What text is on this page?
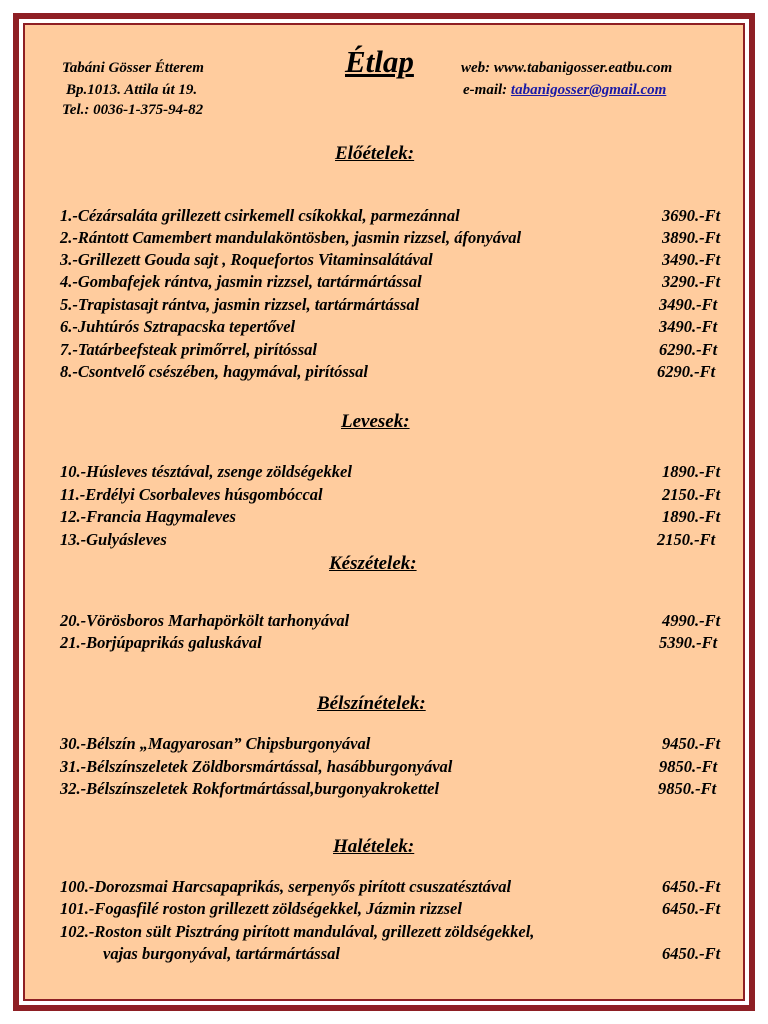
Tabáni Gösser Étterem
Bp.1013. Attila út 19.
Tel.: 0036-1-375-94-82
Étlap	web: www.tabanigosser.eatbu.com
e-mail: tabanigosser@gmail.com
Előételek:
1.-Cézársaláta grillezett csirkemell csíkokkal, parmezánnal	3690.-Ft
2.-Rántott Camembert mandulaköntösben, jasmin rizzsel, áfonyával	3890.-Ft
3.-Grillezett Gouda sajt , Roquefortos Vitaminsalátával	3490.-Ft
4.-Gombafejek rántva, jasmin rizzsel, tartármártással	3290.-Ft
5.-Trapistasajt rántva, jasmin rizzsel, tartármártással	3490.-Ft
6.-Juhtúrós Sztrapacska tepertővel	3490.-Ft
7.-Tatárbeefsteak primőrrel, pirítóssal	6290.-Ft
8.-Csontvelő csészében, hagymával, pirítóssal	6290.-Ft
Levesek:
10.-Húsleves tésztával, zsenge zöldségekkel	1890.-Ft
11.-Erdélyi Csorbaleves húsgombóccal	2150.-Ft
12.-Francia Hagymaleves	1890.-Ft
13.-Gulyásleves	2150.-Ft
Készételek:
20.-Vörösboros Marhapörkölt tarhonyával	4990.-Ft
21.-Borjúpaprikás galuskával	5390.-Ft
Bélszínételek:
30.-Bélszín „Magyarosan” Chipsburgonyával	9450.-Ft
31.-Bélszínszeletek Zöldborsmártással, hasábburgonyával	9850.-Ft
32.-Bélszínszeletek Rokfortmártással,burgonyakrokettel	9850.-Ft
Halételek:
100.-Dorozsmai Harcsapaprikás, serpenyős pirított csuszatésztával	6450.-Ft
101.-Fogasfilé roston grillezett zöldségekkel, Jázmin rizzsel	6450.-Ft
102.-Roston sült Pisztráng pirított mandulával, grillezett zöldségekkel,
vajas burgonyával, tartármártással	6450.-Ft
